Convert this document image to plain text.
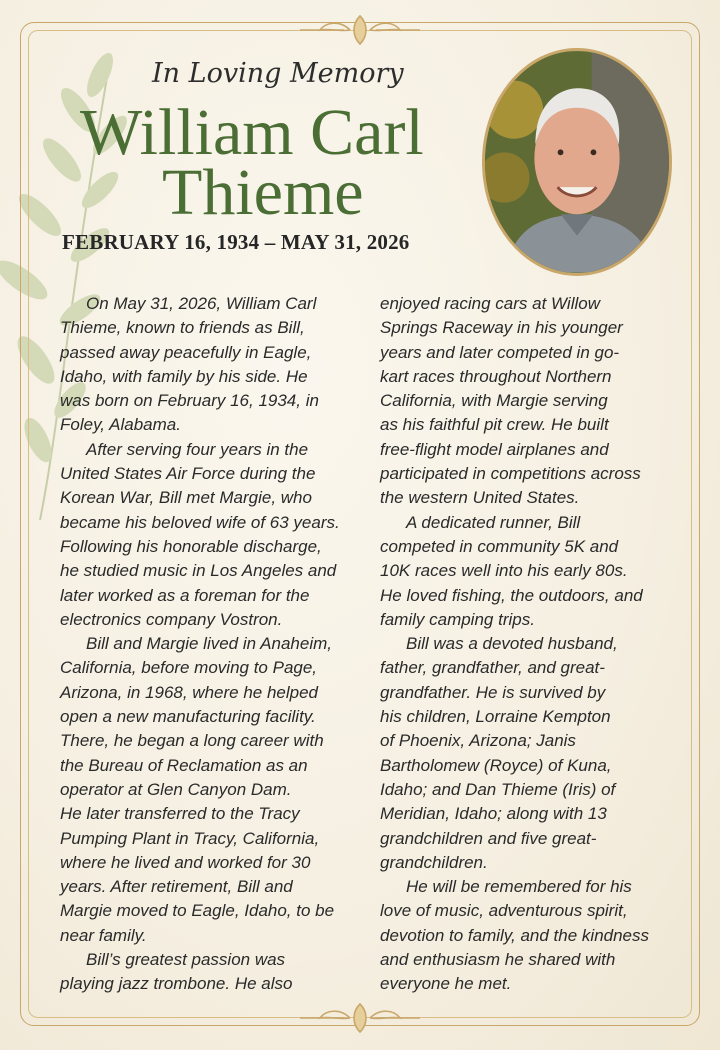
In Loving Memory

William Carl

Thieme

FEBRUARY 16, 1934 – MAY 31, 2026

On May 31, 2026, William Carl

Thieme, known to friends as Bill,

passed away peacefully in Eagle,

Idaho, with family by his side. He

was born on February 16, 1934, in

Foley, Alabama.

After serving four years in the

United States Air Force during the

Korean War, Bill met Margie, who

became his beloved wife of 63 years.

Following his honorable discharge,

he studied music in Los Angeles and

later worked as a foreman for the

electronics company Vostron.

Bill and Margie lived in Anaheim,

California, before moving to Page,

Arizona, in 1968, where he helped

open a new manufacturing facility.

There, he began a long career with

the Bureau of Reclamation as an

operator at Glen Canyon Dam.

He later transferred to the Tracy

Pumping Plant in Tracy, California,

where he lived and worked for 30

years. After retirement, Bill and

Margie moved to Eagle, Idaho, to be

near family.

Bill’s greatest passion was

playing jazz trombone. He also

enjoyed racing cars at Willow

Springs Raceway in his younger

years and later competed in go-

kart races throughout Northern

California, with Margie serving

as his faithful pit crew. He built

free-flight model airplanes and

participated in competitions across

the western United States.

A dedicated runner, Bill

competed in community 5K and

10K races well into his early 80s.

He loved fishing, the outdoors, and

family camping trips.

Bill was a devoted husband,

father, grandfather, and great-

grandfather. He is survived by

his children, Lorraine Kempton

of Phoenix, Arizona; Janis

Bartholomew (Royce) of Kuna,

Idaho; and Dan Thieme (Iris) of

Meridian, Idaho; along with 13

grandchildren and five great-

grandchildren.

He will be remembered for his

love of music, adventurous spirit,

devotion to family, and the kindness

and enthusiasm he shared with

everyone he met.
